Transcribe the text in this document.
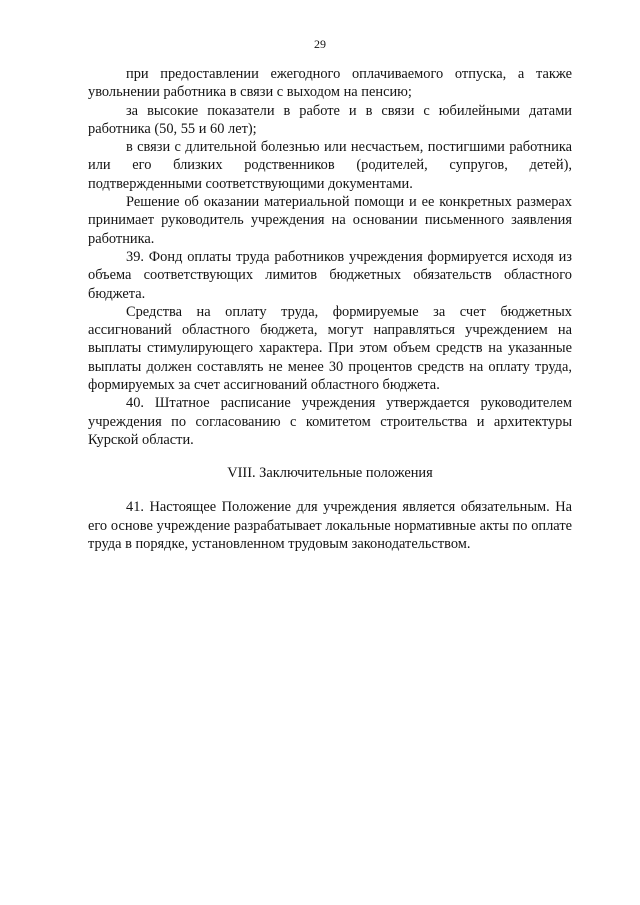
29

при предоставлении ежегодного оплачиваемого отпуска, а также увольнении работника в связи с выходом на пенсию;

за высокие показатели в работе и в связи с юбилейными датами работника (50, 55 и 60 лет);

в связи с длительной болезнью или несчастьем, постигшими работника или его близких родственников (родителей, супругов, детей), подтвержденными соответствующими документами.

Решение об оказании материальной помощи и ее конкретных размерах принимает руководитель учреждения на основании письменного заявления работника.

39. Фонд оплаты труда работников учреждения формируется исходя из объема соответствующих лимитов бюджетных обязательств областного бюджета.

Средства на оплату труда, формируемые за счет бюджетных ассигнований областного бюджета, могут направляться учреждением на выплаты стимулирующего характера. При этом объем средств на указанные выплаты должен составлять не менее 30 процентов средств на оплату труда, формируемых за счет ассигнований областного бюджета.

40. Штатное расписание учреждения утверждается руководителем учреждения по согласованию с комитетом строительства и архитектуры Курской области.

VIII. Заключительные положения

41. Настоящее Положение для учреждения является обязательным. На его основе учреждение разрабатывает локальные нормативные акты по оплате труда в порядке, установленном трудовым законодательством.
